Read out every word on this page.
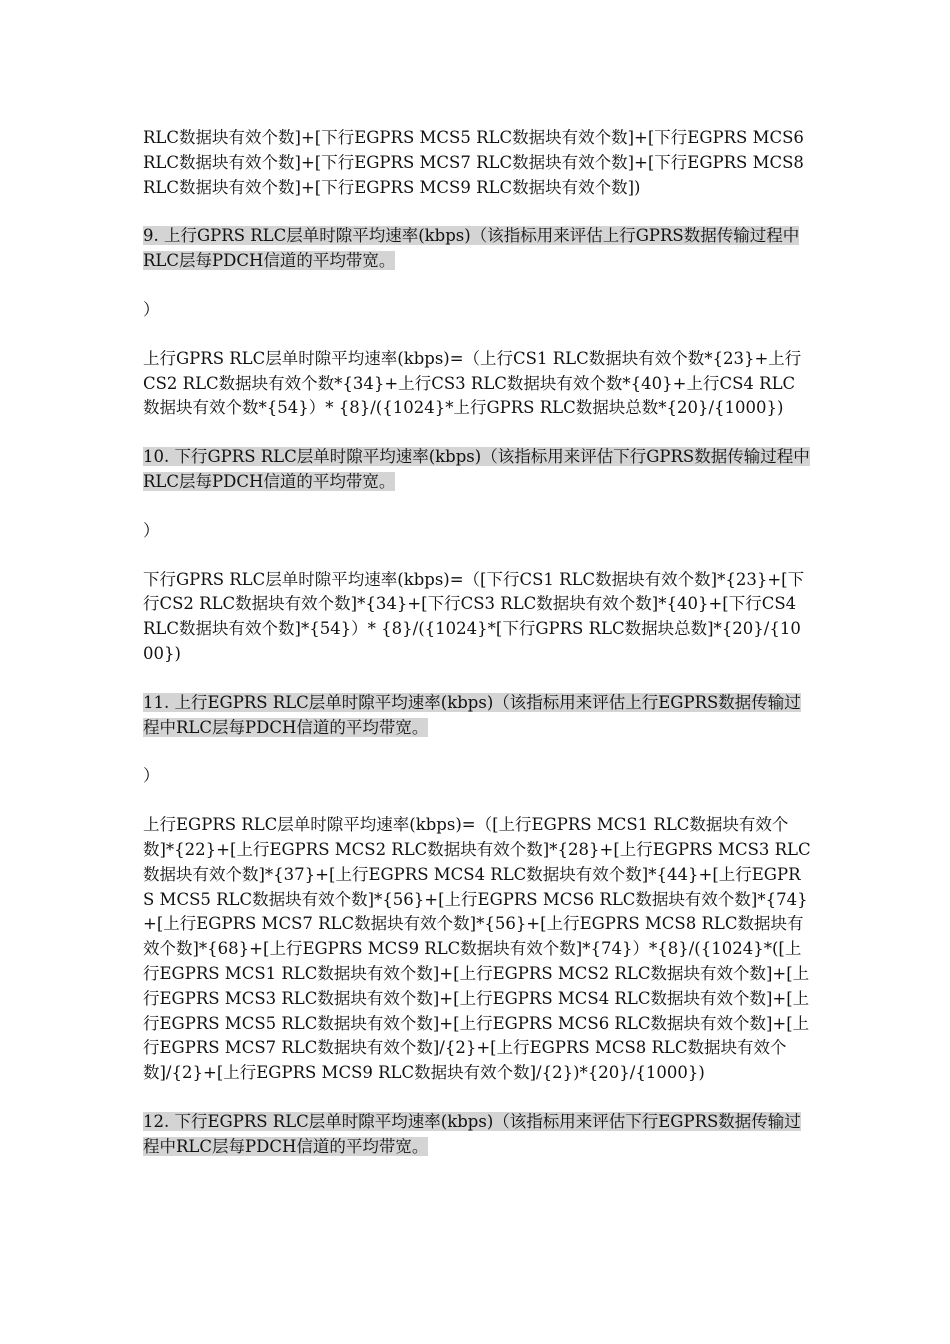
RLC数据块有效个数]+[下行EGPRS MCS5 RLC数据块有效个数]+[下行EGPRS MCS6 RLC数据块有效个数]+[下行EGPRS MCS7 RLC数据块有效个数]+[下行EGPRS MCS8 RLC数据块有效个数]+[下行EGPRS MCS9 RLC数据块有效个数])

9. 上行GPRS RLC层单时隙平均速率(kbps)（该指标用来评估上行GPRS数据传输过程中RLC层每PDCH信道的平均带宽。

）

上行GPRS RLC层单时隙平均速率(kbps)=（上行CS1 RLC数据块有效个数*{23}+上行CS2 RLC数据块有效个数*{34}+上行CS3 RLC数据块有效个数*{40}+上行CS4 RLC数据块有效个数*{54}）* {8}/({1024}*上行GPRS RLC数据块总数*{20}/{1000})

10. 下行GPRS RLC层单时隙平均速率(kbps)（该指标用来评估下行GPRS数据传输过程中RLC层每PDCH信道的平均带宽。

）

下行GPRS RLC层单时隙平均速率(kbps)=（[下行CS1 RLC数据块有效个数]*{23}+[下行CS2 RLC数据块有效个数]*{34}+[下行CS3 RLC数据块有效个数]*{40}+[下行CS4 RLC数据块有效个数]*{54}）* {8}/({1024}*[下行GPRS RLC数据块总数]*{20}/{1000})

11. 上行EGPRS RLC层单时隙平均速率(kbps)（该指标用来评估上行EGPRS数据传输过程中RLC层每PDCH信道的平均带宽。

）

上行EGPRS RLC层单时隙平均速率(kbps)=（[上行EGPRS MCS1 RLC数据块有效个数]*{22}+[上行EGPRS MCS2 RLC数据块有效个数]*{28}+[上行EGPRS MCS3 RLC数据块有效个数]*{37}+[上行EGPRS MCS4 RLC数据块有效个数]*{44}+[上行EGPRS MCS5 RLC数据块有效个数]*{56}+[上行EGPRS MCS6 RLC数据块有效个数]*{74}+[上行EGPRS MCS7 RLC数据块有效个数]*{56}+[上行EGPRS MCS8 RLC数据块有效个数]*{68}+[上行EGPRS MCS9 RLC数据块有效个数]*{74}）*{8}/({1024}*([上行EGPRS MCS1 RLC数据块有效个数]+[上行EGPRS MCS2 RLC数据块有效个数]+[上行EGPRS MCS3 RLC数据块有效个数]+[上行EGPRS MCS4 RLC数据块有效个数]+[上行EGPRS MCS5 RLC数据块有效个数]+[上行EGPRS MCS6 RLC数据块有效个数]+[上行EGPRS MCS7 RLC数据块有效个数]/{2}+[上行EGPRS MCS8 RLC数据块有效个数]/{2}+[上行EGPRS MCS9 RLC数据块有效个数]/{2})*{20}/{1000})

12. 下行EGPRS RLC层单时隙平均速率(kbps)（该指标用来评估下行EGPRS数据传输过程中RLC层每PDCH信道的平均带宽。
